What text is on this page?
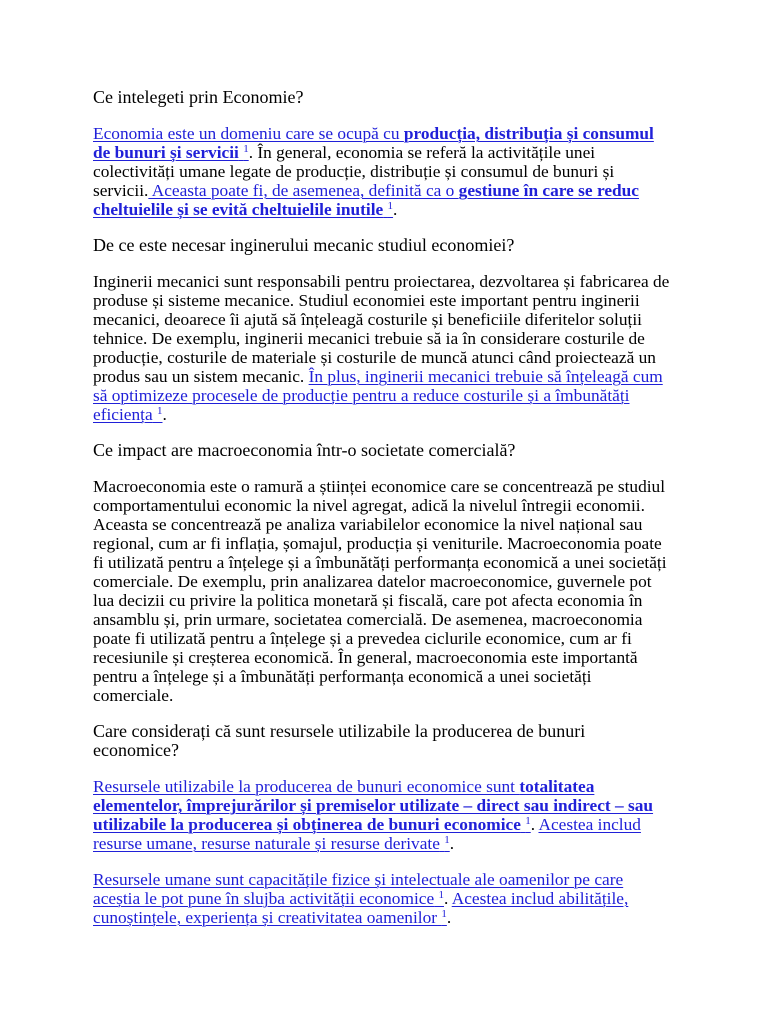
Ce intelegeti prin Economie?

Economia este un domeniu care se ocupă cu producția, distribuția și consumul de bunuri și servicii $^1$. În general, economia se referă la activitățile unei colectivități umane legate de producție, distribuție și consumul de bunuri și servicii. Aceasta poate fi, de asemenea, definită ca o gestiune în care se reduc cheltuielile și se evită cheltuielile inutile $^1$.

De ce este necesar inginerului mecanic studiul economiei?

Inginerii mecanici sunt responsabili pentru proiectarea, dezvoltarea și fabricarea de produse și sisteme mecanice. Studiul economiei este important pentru inginerii mecanici, deoarece îi ajută să înțeleagă costurile și beneficiile diferitelor soluții tehnice. De exemplu, inginerii mecanici trebuie să ia în considerare costurile de producție, costurile de materiale și costurile de muncă atunci când proiectează un produs sau un sistem mecanic. În plus, inginerii mecanici trebuie să înțeleagă cum să optimizeze procesele de producție pentru a reduce costurile și a îmbunătăți eficiența $^1$.

Ce impact are macroeconomia într-o societate comercială?

Macroeconomia este o ramură a științei economice care se concentrează pe studiul comportamentului economic la nivel agregat, adică la nivelul întregii economii. Aceasta se concentrează pe analiza variabilelor economice la nivel național sau regional, cum ar fi inflația, șomajul, producția și veniturile. Macroeconomia poate fi utilizată pentru a înțelege și a îmbunătăți performanța economică a unei societăți comerciale. De exemplu, prin analizarea datelor macroeconomice, guvernele pot lua decizii cu privire la politica monetară și fiscală, care pot afecta economia în ansamblu și, prin urmare, societatea comercială. De asemenea, macroeconomia poate fi utilizată pentru a înțelege și a prevedea ciclurile economice, cum ar fi recesiunile și creșterea economică. În general, macroeconomia este importantă pentru a înțelege și a îmbunătăți performanța economică a unei societăți comerciale.

Care considerați că sunt resursele utilizabile la producerea de bunuri economice?

Resursele utilizabile la producerea de bunuri economice sunt totalitatea elementelor, împrejurărilor și premiselor utilizate – direct sau indirect – sau utilizabile la producerea și obținerea de bunuri economice $^1$. Acestea includ resurse umane, resurse naturale și resurse derivate $^1$.

Resursele umane sunt capacitățile fizice și intelectuale ale oamenilor pe care aceștia le pot pune în slujba activității economice $^1$. Acestea includ abilitățile, cunoștințele, experiența și creativitatea oamenilor $^1$.
